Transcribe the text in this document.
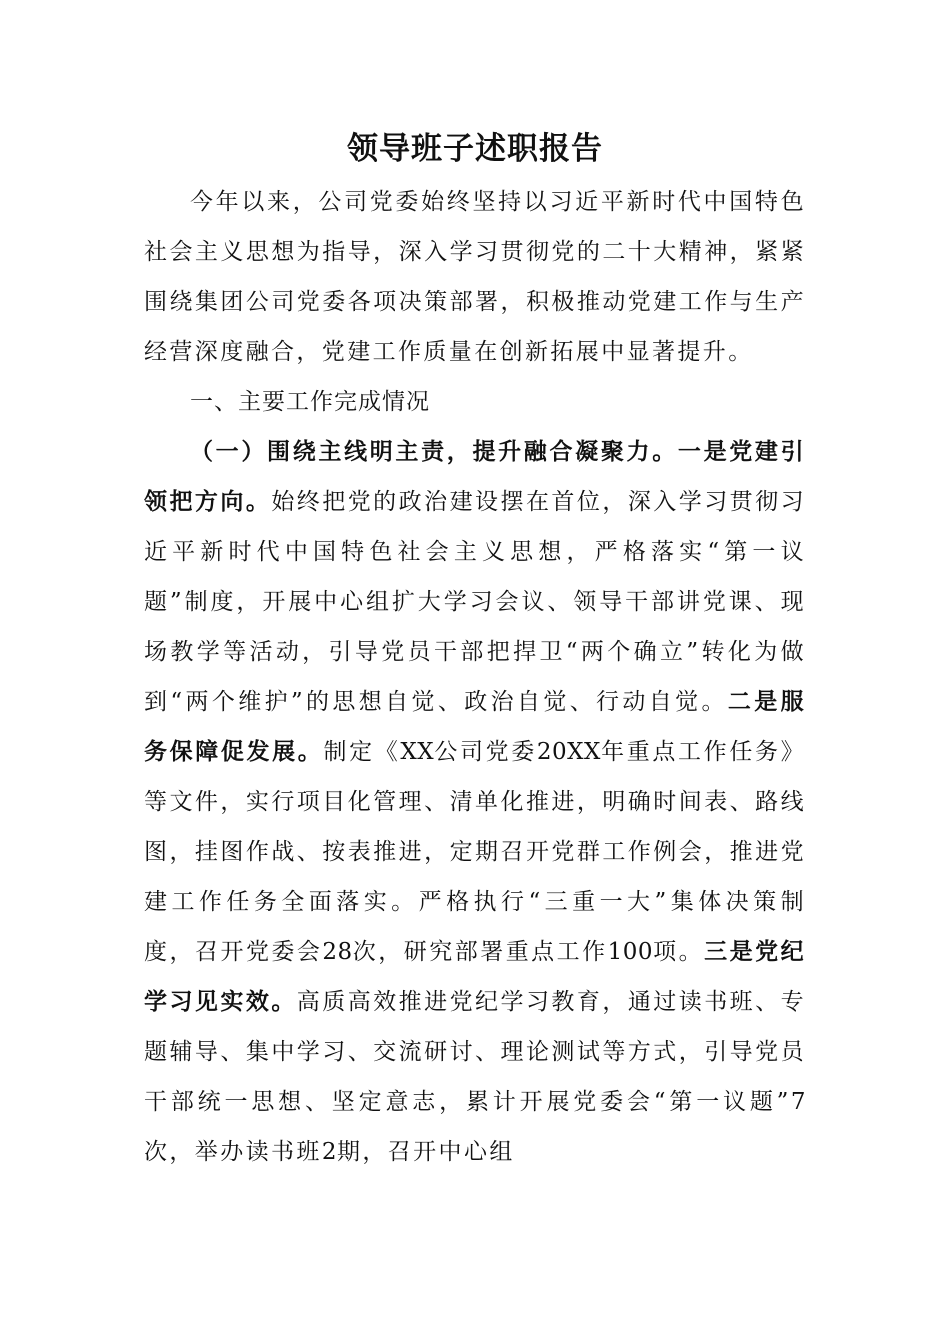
领导班子述职报告

今年以来，公司党委始终坚持以习近平新时代中国特色社会主义思想为指导，深入学习贯彻党的二十大精神，紧紧围绕集团公司党委各项决策部署，积极推动党建工作与生产经营深度融合，党建工作质量在创新拓展中显著提升。

一、主要工作完成情况

（一）围绕主线明主责，提升融合凝聚力。一是党建引领把方向。始终把党的政治建设摆在首位，深入学习贯彻习近平新时代中国特色社会主义思想，严格落实“第一议题”制度，开展中心组扩大学习会议、领导干部讲党课、现场教学等活动，引导党员干部把捍卫“两个确立”转化为做到“两个维护”的思想自觉、政治自觉、行动自觉。二是服务保障促发展。制定《XX公司党委20XX年重点工作任务》等文件，实行项目化管理、清单化推进，明确时间表、路线图，挂图作战、按表推进，定期召开党群工作例会，推进党建工作任务全面落实。严格执行“三重一大”集体决策制度，召开党委会28次，研究部署重点工作100项。三是党纪学习见实效。高质高效推进党纪学习教育，通过读书班、专题辅导、集中学习、交流研讨、理论测试等方式，引导党员干部统一思想、坚定意志，累计开展党委会“第一议题”7次，举办读书班2期，召开中心组
